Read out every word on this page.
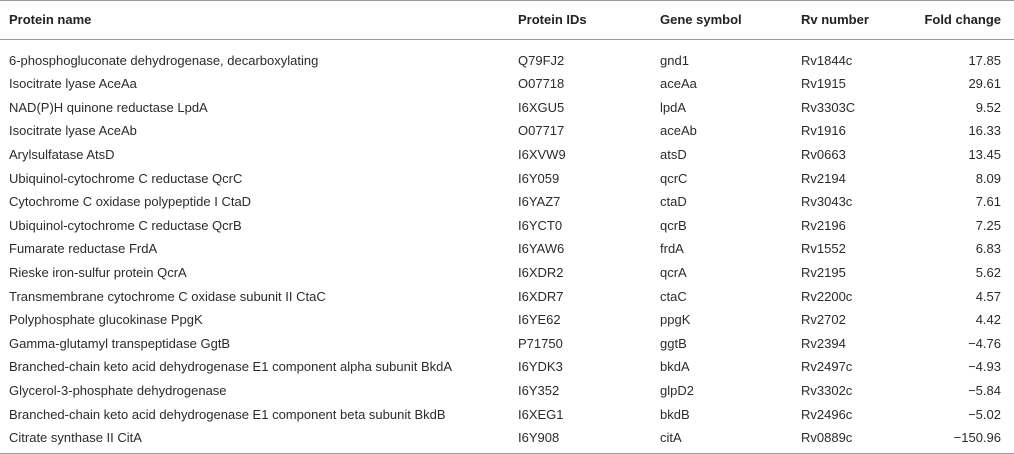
Protein name	Protein IDs	Gene symbol	Rv number	Fold change
6-phosphogluconate dehydrogenase, decarboxylating	Q79FJ2	gnd1	Rv1844c	17.85
Isocitrate lyase AceAa	O07718	aceAa	Rv1915	29.61
NAD(P)H quinone reductase LpdA	I6XGU5	lpdA	Rv3303C	9.52
Isocitrate lyase AceAb	O07717	aceAb	Rv1916	16.33
Arylsulfatase AtsD	I6XVW9	atsD	Rv0663	13.45
Ubiquinol-cytochrome C reductase QcrC	I6Y059	qcrC	Rv2194	8.09
Cytochrome C oxidase polypeptide I CtaD	I6YAZ7	ctaD	Rv3043c	7.61
Ubiquinol-cytochrome C reductase QcrB	I6YCT0	qcrB	Rv2196	7.25
Fumarate reductase FrdA	I6YAW6	frdA	Rv1552	6.83
Rieske iron-sulfur protein QcrA	I6XDR2	qcrA	Rv2195	5.62
Transmembrane cytochrome C oxidase subunit II CtaC	I6XDR7	ctaC	Rv2200c	4.57
Polyphosphate glucokinase PpgK	I6YE62	ppgK	Rv2702	4.42
Gamma-glutamyl transpeptidase GgtB	P71750	ggtB	Rv2394	−4.76
Branched-chain keto acid dehydrogenase E1 component alpha subunit BkdA	I6YDK3	bkdA	Rv2497c	−4.93
Glycerol-3-phosphate dehydrogenase	I6Y352	glpD2	Rv3302c	−5.84
Branched-chain keto acid dehydrogenase E1 component beta subunit BkdB	I6XEG1	bkdB	Rv2496c	−5.02
Citrate synthase II CitA	I6Y908	citA	Rv0889c	−150.96
